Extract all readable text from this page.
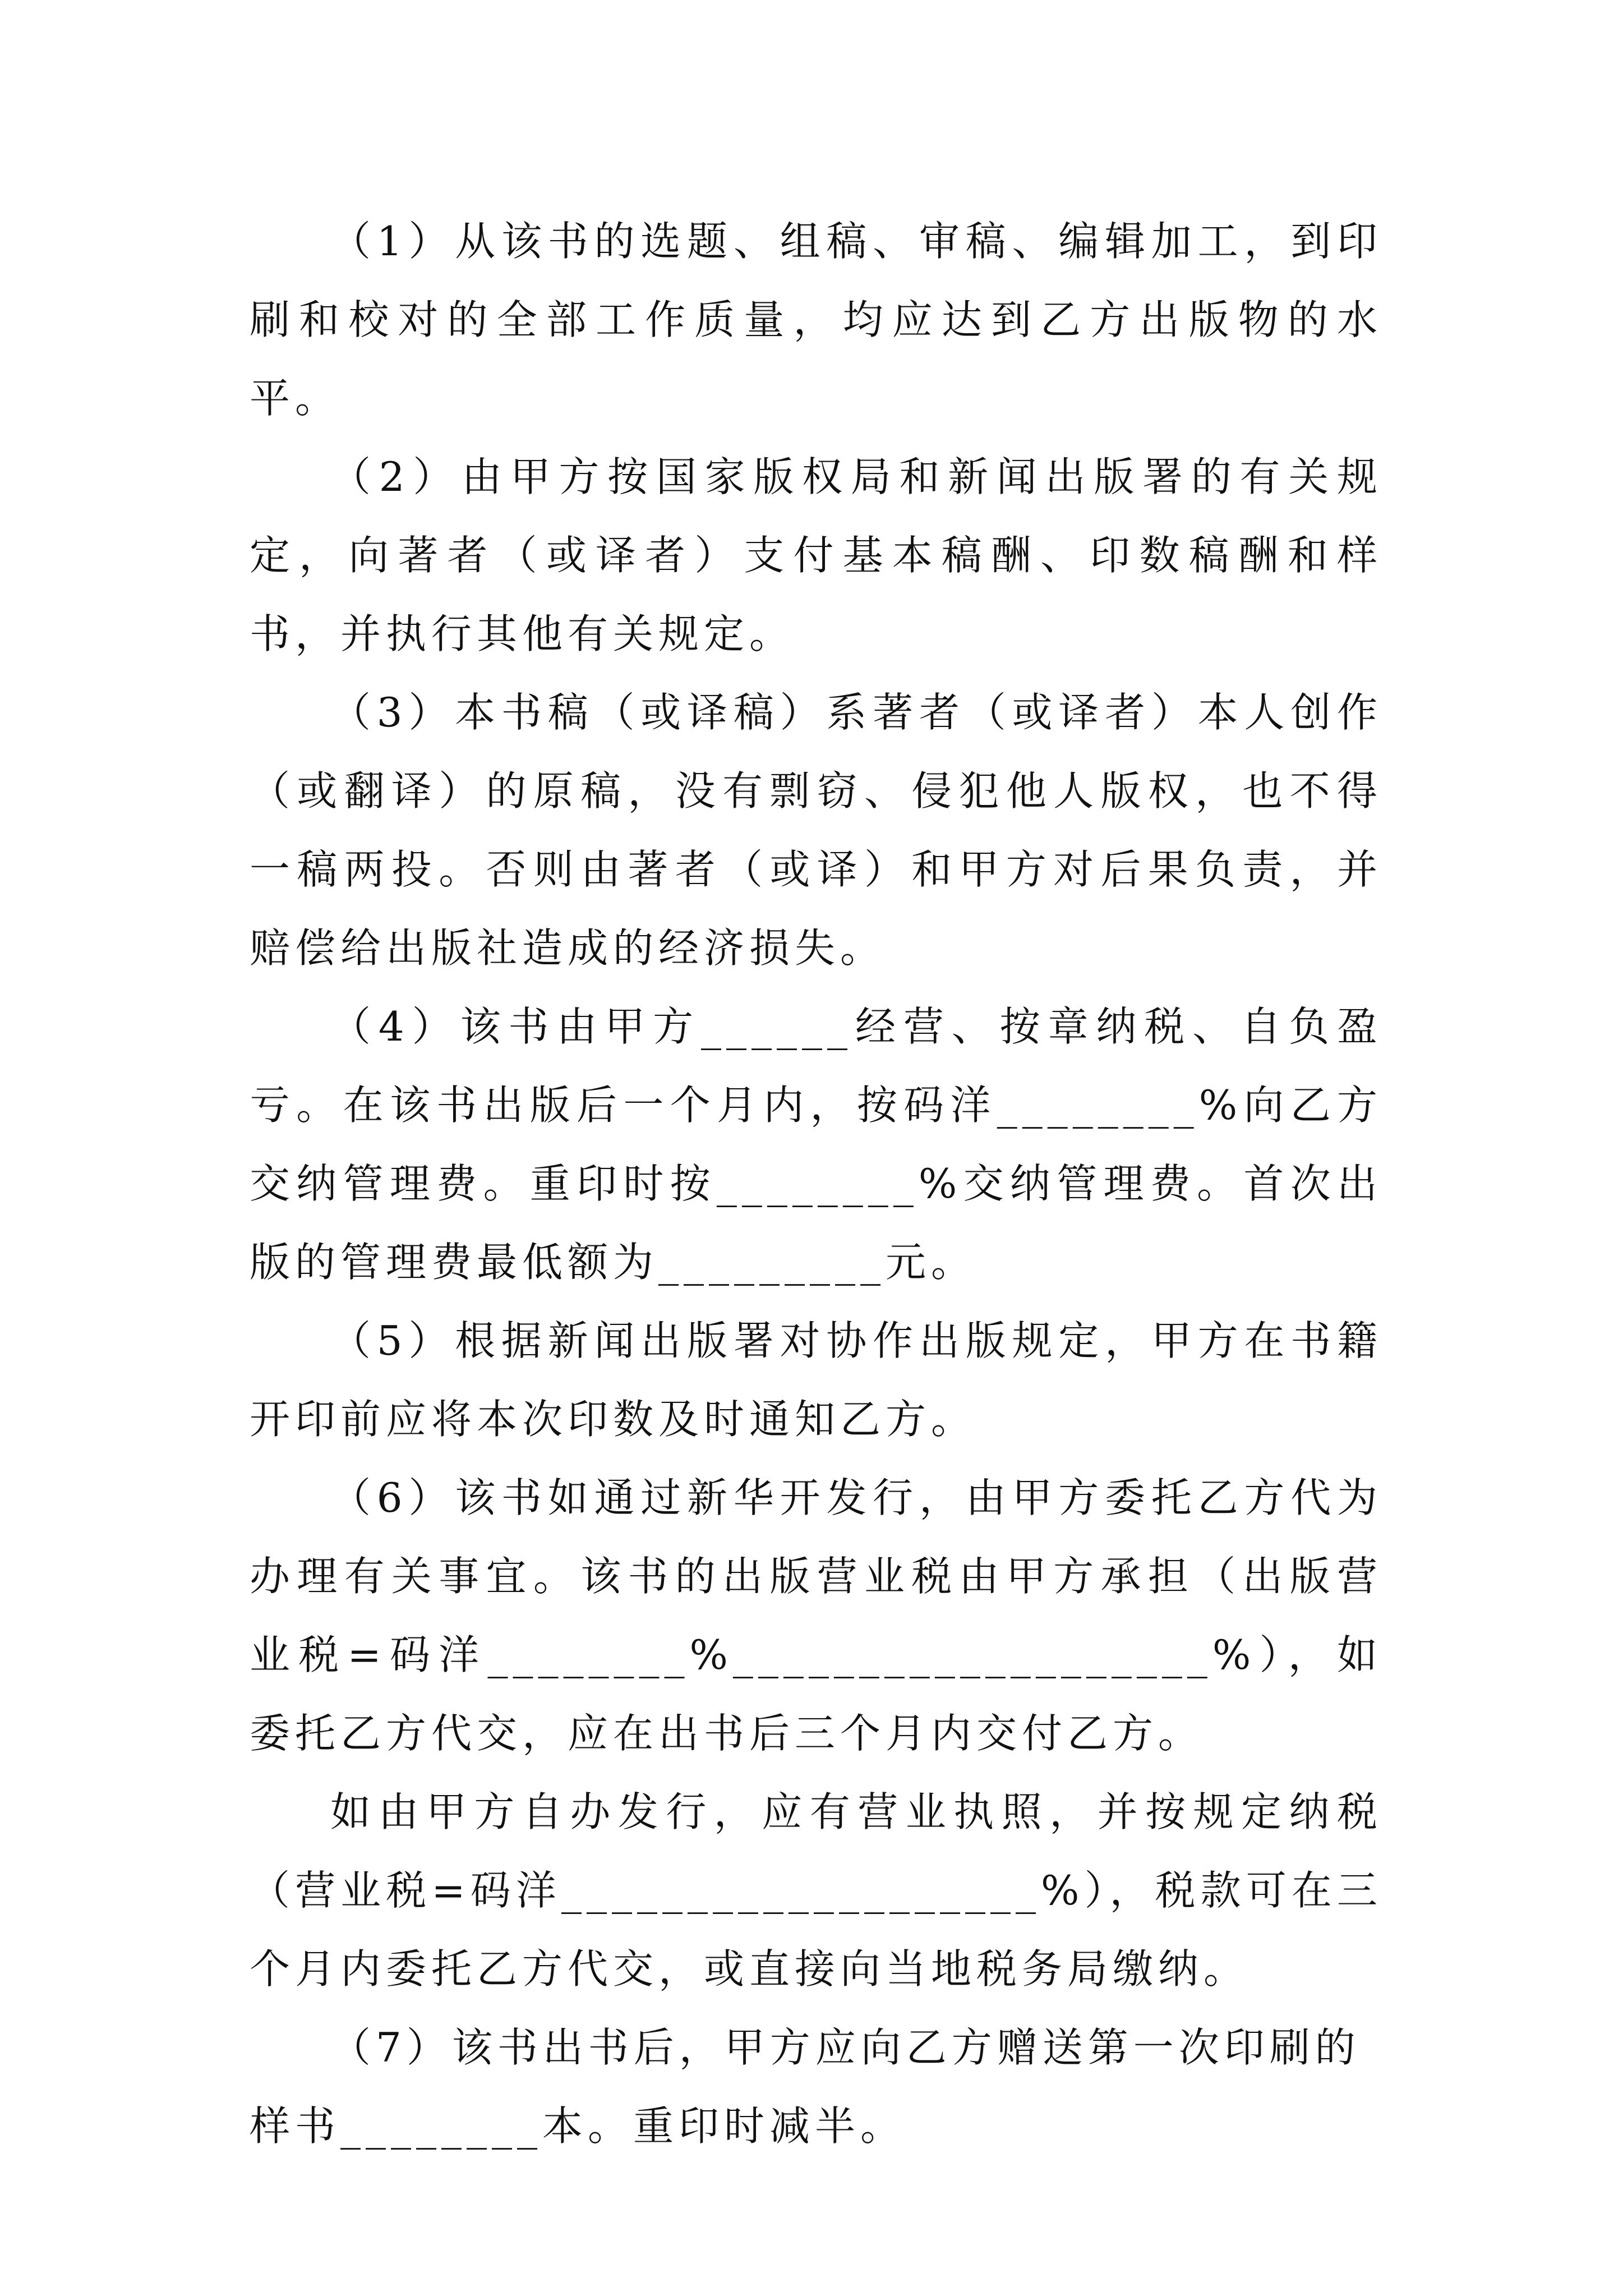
（1）从该书的选题、组稿、审稿、编辑加工，到印刷和校对的全部工作质量，均应达到乙方出版物的水平。

（2）由甲方按国家版权局和新闻出版署的有关规定，向著者（或译者）支付基本稿酬、印数稿酬和样书，并执行其他有关规定。

（3）本书稿（或译稿）系著者（或译者）本人创作（或翻译）的原稿，没有剽窃、侵犯他人版权，也不得一稿两投。否则由著者（或译）和甲方对后果负责，并赔偿给出版社造成的经济损失。

（4）该书由甲方______经营、按章纳税、自负盈亏。在该书出版后一个月内，按码洋________%向乙方交纳管理费。重印时按________%交纳管理费。首次出版的管理费最低额为_________元。

（5）根据新闻出版署对协作出版规定，甲方在书籍开印前应将本次印数及时通知乙方。

（6）该书如通过新华开发行，由甲方委托乙方代为办理有关事宜。该书的出版营业税由甲方承担（出版营业税=码洋________%___________________%），如委托乙方代交，应在出书后三个月内交付乙方。

如由甲方自办发行，应有营业执照，并按规定纳税（营业税=码洋___________________%），税款可在三个月内委托乙方代交，或直接向当地税务局缴纳。

（7）该书出书后，甲方应向乙方赠送第一次印刷的样书________本。重印时减半。
